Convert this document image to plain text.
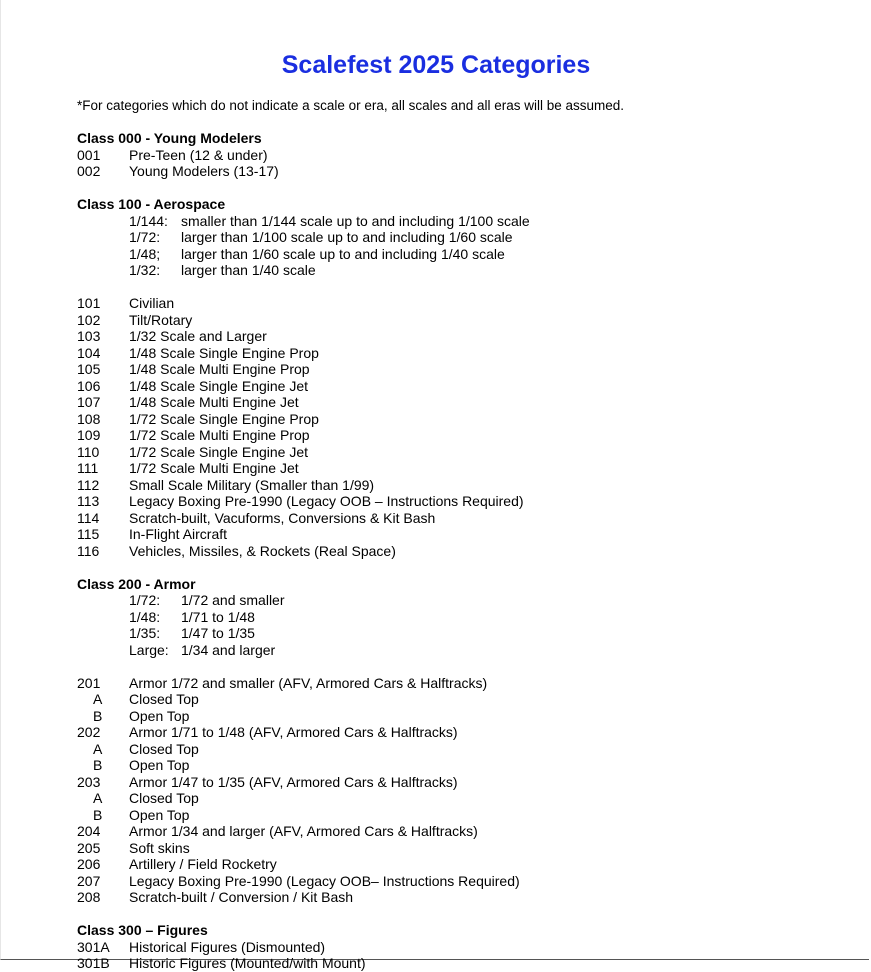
Scalefest 2025 Categories
*For categories which do not indicate a scale or era, all scales and all eras will be assumed.
Class 000 - Young Modelers
001 Pre-Teen (12 & under)
002 Young Modelers (13-17)
Class 100 - Aerospace
1/144: smaller than 1/144 scale up to and including 1/100 scale
1/72: larger than 1/100 scale up to and including 1/60 scale
1/48; larger than 1/60 scale up to and including 1/40 scale
1/32: larger than 1/40 scale
101 Civilian
102 Tilt/Rotary
103 1/32 Scale and Larger
104 1/48 Scale Single Engine Prop
105 1/48 Scale Multi Engine Prop
106 1/48 Scale Single Engine Jet
107 1/48 Scale Multi Engine Jet
108 1/72 Scale Single Engine Prop
109 1/72 Scale Multi Engine Prop
110 1/72 Scale Single Engine Jet
111 1/72 Scale Multi Engine Jet
112 Small Scale Military (Smaller than 1/99)
113 Legacy Boxing Pre-1990 (Legacy OOB – Instructions Required)
114 Scratch-built, Vacuforms, Conversions & Kit Bash
115 In-Flight Aircraft
116 Vehicles, Missiles, & Rockets (Real Space)
Class 200 - Armor
1/72: 1/72 and smaller
1/48: 1/71 to 1/48
1/35: 1/47 to 1/35
Large: 1/34 and larger
201 Armor 1/72 and smaller (AFV, Armored Cars & Halftracks)
A Closed Top
B Open Top
202 Armor 1/71 to 1/48 (AFV, Armored Cars & Halftracks)
A Closed Top
B Open Top
203 Armor 1/47 to 1/35 (AFV, Armored Cars & Halftracks)
A Closed Top
B Open Top
204 Armor 1/34 and larger (AFV, Armored Cars & Halftracks)
205 Soft skins
206 Artillery / Field Rocketry
207 Legacy Boxing Pre-1990 (Legacy OOB– Instructions Required)
208 Scratch-built / Conversion / Kit Bash
Class 300 – Figures
301A Historical Figures (Dismounted)
301B Historic Figures (Mounted/with Mount)
